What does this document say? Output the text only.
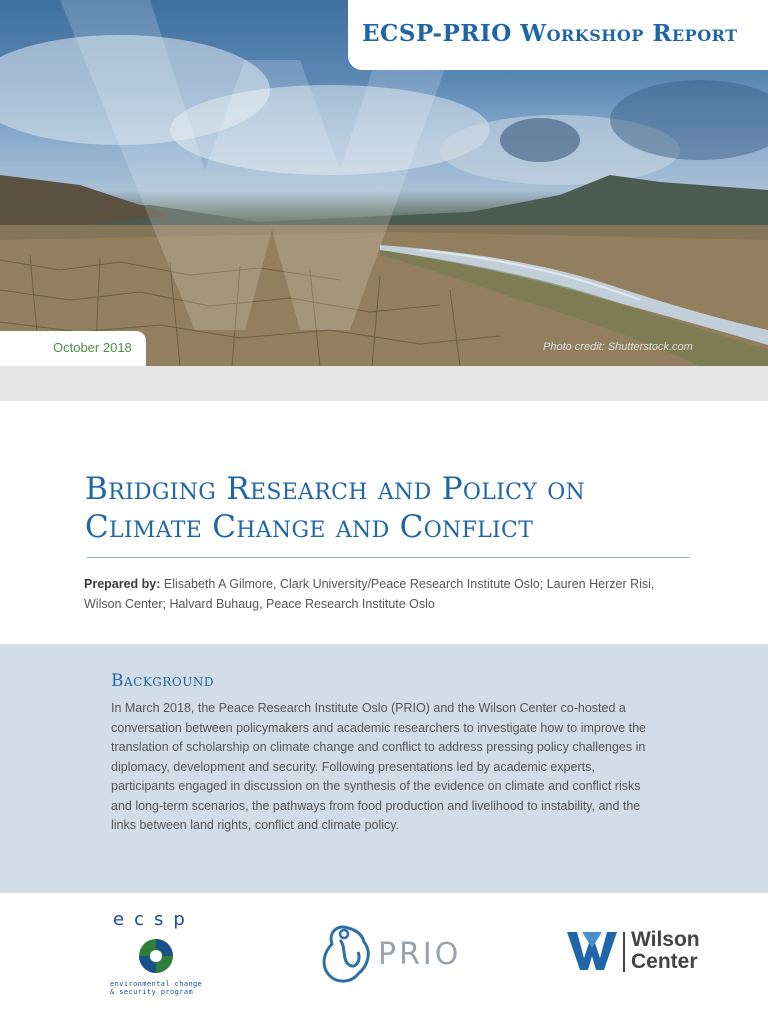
ECSP-PRIO Workshop Report
October 2018	Photo credit: Shutterstock.com
Bridging Research and Policy on
Climate Change and Conflict

Prepared by: Elisabeth A Gilmore, Clark University/Peace Research Institute Oslo; Lauren Herzer Risi, Wilson Center; Halvard Buhaug, Peace Research Institute Oslo

Background

In March 2018, the Peace Research Institute Oslo (PRIO) and the Wilson Center co-hosted a conversation between policymakers and academic researchers to investigate how to improve the translation of scholarship on climate change and conflict to address pressing policy challenges in diplomacy, development and security. Following presentations led by academic experts, participants engaged in discussion on the synthesis of the evidence on climate and conflict risks and long-term scenarios, the pathways from food production and livelihood to instability, and the links between land rights, conflict and climate policy.

ecsp
environmental change & security program
PRIO	Wilson
Center
